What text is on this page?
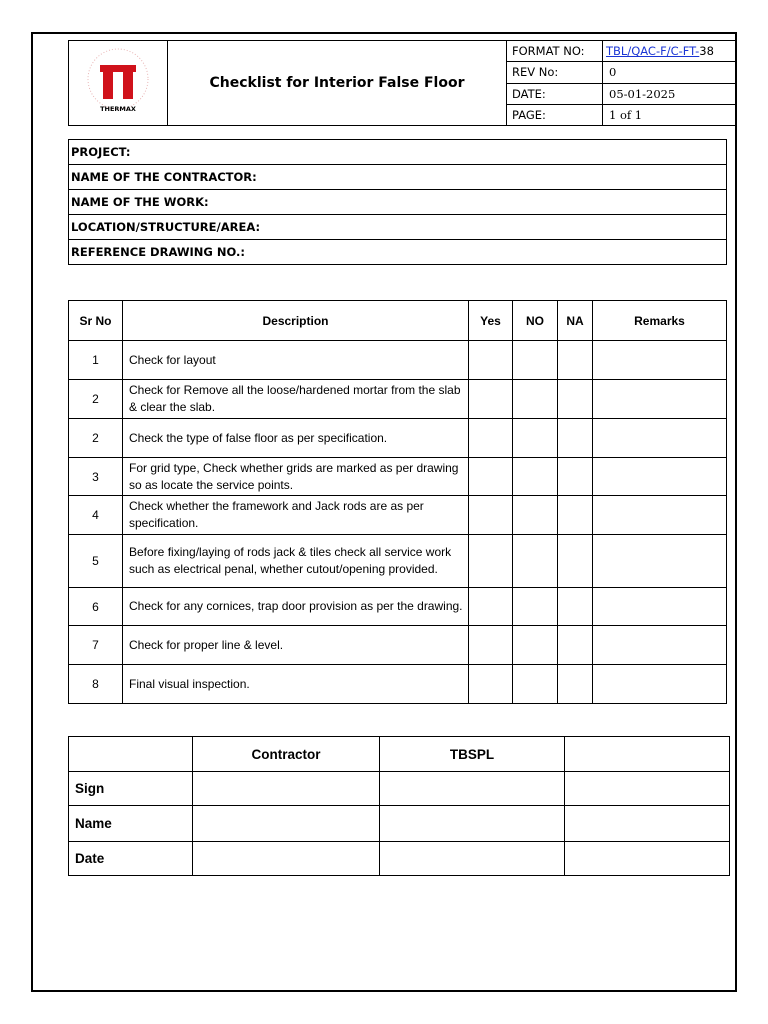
THERMAX	Checklist for Interior False Floor	FORMAT NO:	TBL/QAC-F/C-FT-38
		REV No:	0
		DATE:	05-01-2025
		PAGE:	1 of 1
PROJECT:
NAME OF THE CONTRACTOR:
NAME OF THE WORK:
LOCATION/STRUCTURE/AREA:
REFERENCE DRAWING NO.:
Sr No	Description	Yes	NO	NA	Remarks
1	Check for layout				
2	Check for Remove all the loose/hardened mortar from the slab & clear the slab.				
2	Check the type of false floor as per specification.				
3	For grid type, Check whether grids are marked as per drawing so as locate the service points.				
4	Check whether the framework and Jack rods are as per specification.				
5	Before fixing/laying of rods jack & tiles check all service work such as electrical penal, whether cutout/opening provided.				
6	Check for any cornices, trap door provision as per the drawing.				
7	Check for proper line & level.				
8	Final visual inspection.				
	Contractor	TBSPL	
Sign			
Name			
Date			
